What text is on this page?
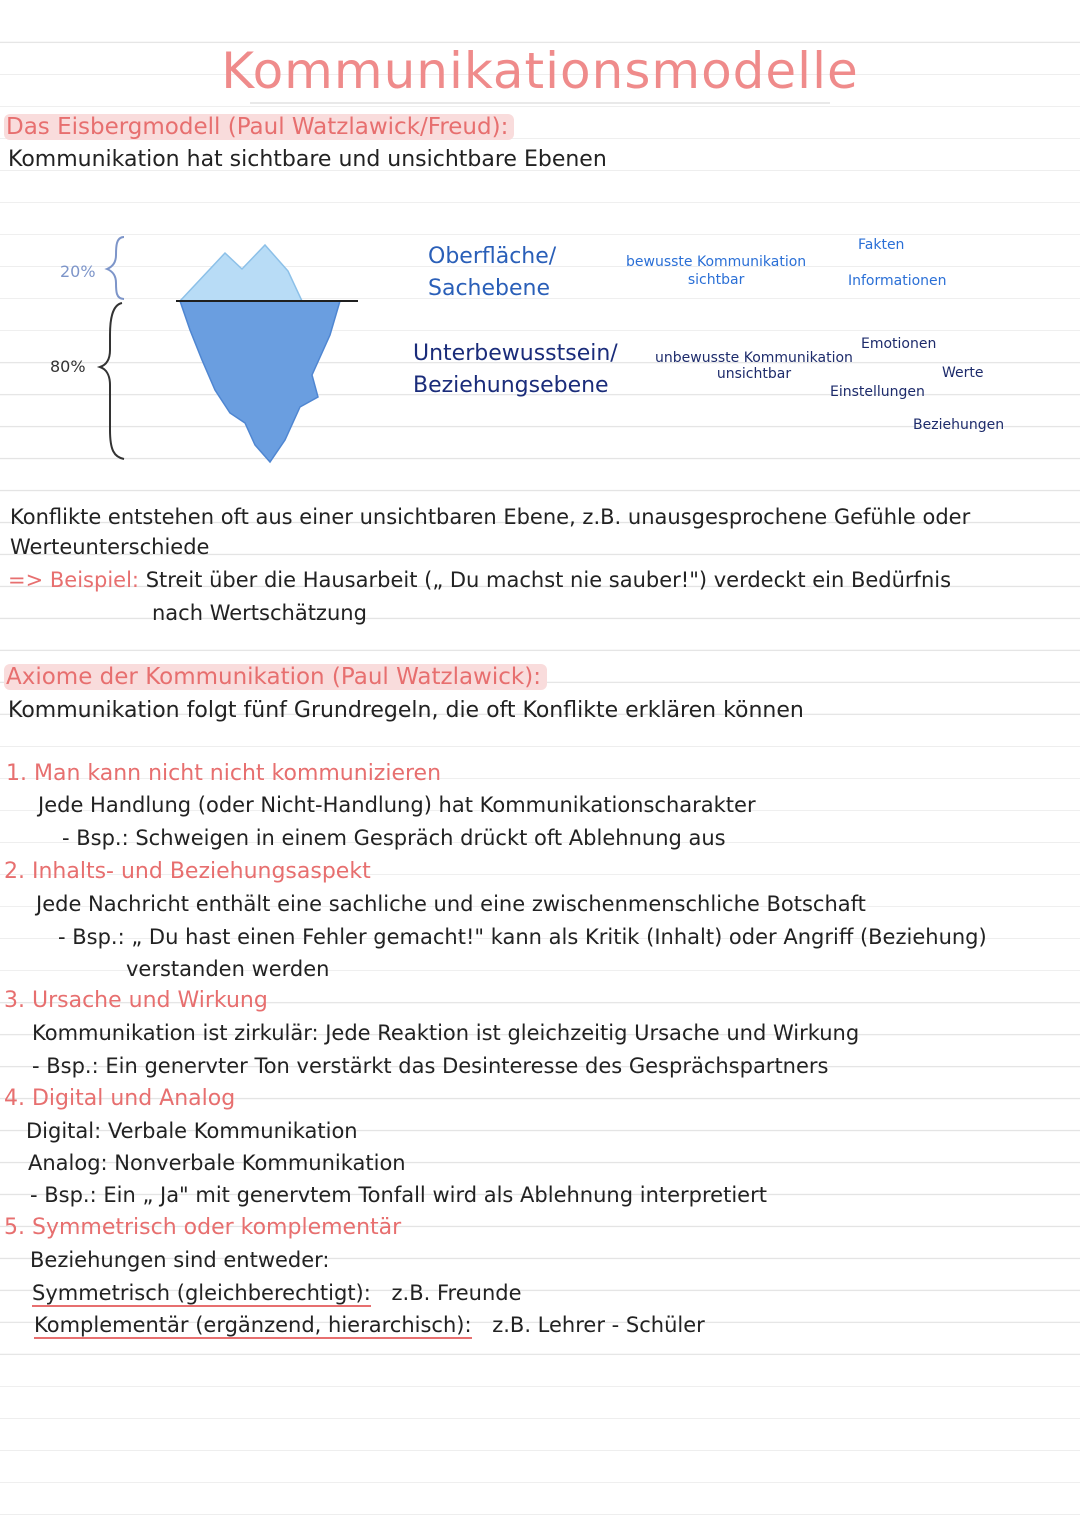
Kommunikationsmodelle
Das Eisbergmodell (Paul Watzlawick/Freud):
Kommunikation hat sichtbare und unsichtbare Ebenen
20%
80%
Oberfläche/
Sachebene
Unterbewusstsein/
Beziehungsebene
bewusste Kommunikation
sichtbar
Fakten
Informationen
unbewusste Kommunikation
unsichtbar
Emotionen
Werte
Einstellungen
Beziehungen
Konflikte entstehen oft aus einer unsichtbaren Ebene, z.B. unausgesprochene Gefühle oder
Werteunterschiede
=> Beispiel: Streit über die Hausarbeit („ Du machst nie sauber!") verdeckt ein Bedürfnis
nach Wertschätzung
Axiome der Kommunikation (Paul Watzlawick):
Kommunikation folgt fünf Grundregeln, die oft Konflikte erklären können
1. Man kann nicht nicht kommunizieren
Jede Handlung (oder Nicht-Handlung) hat Kommunikationscharakter
- Bsp.: Schweigen in einem Gespräch drückt oft Ablehnung aus
2. Inhalts- und Beziehungsaspekt
Jede Nachricht enthält eine sachliche und eine zwischenmenschliche Botschaft
- Bsp.: „ Du hast einen Fehler gemacht!" kann als Kritik (Inhalt) oder Angriff (Beziehung)
verstanden werden
3. Ursache und Wirkung
Kommunikation ist zirkulär: Jede Reaktion ist gleichzeitig Ursache und Wirkung
- Bsp.: Ein genervter Ton verstärkt das Desinteresse des Gesprächspartners
4. Digital und Analog
Digital: Verbale Kommunikation
Analog: Nonverbale Kommunikation
- Bsp.: Ein „ Ja" mit genervtem Tonfall wird als Ablehnung interpretiert
5. Symmetrisch oder komplementär
Beziehungen sind entweder:
Symmetrisch (gleichberechtigt): z.B. Freunde
Komplementär (ergänzend, hierarchisch): z.B. Lehrer - Schüler
